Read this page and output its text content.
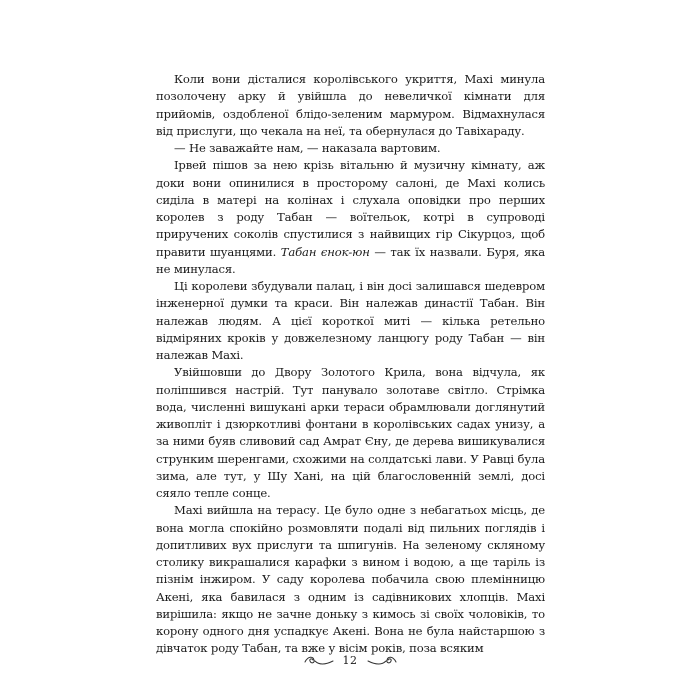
Коли вони дісталися королівського укриття, Махі минула позолочену арку й увійшла до невеличкої кімнати для прийомів, оздобленої блідо-зеленим мармуром. Відмахнулася від прислуги, що чекала на неї, та обернулася до Тавіхараду.

— Не заважайте нам, — наказала вартовим.

Ірвей пішов за нею крізь вітальню й музичну кімнату, аж доки вони опинилися в просторому салоні, де Махі колись сиділа в матері на колінах і слухала оповідки про перших королев з роду Табан — воїтельок, котрі в супроводі приручених соколів спустилися з найвищих гір Сікурцоз, щоб правити шуанцями. Табан єнок-юн — так їх назвали. Буря, яка не минулася.

Ці королеви збудували палац, і він досі залишався шедевром інженерної думки та краси. Він належав династії Табан. Він належав людям. А цієї короткої миті — кілька ретельно відміряних кроків у довжелезному ланцюгу роду Табан — він належав Махі.

Увійшовши до Двору Золотого Крила, вона відчула, як поліпшився настрій. Тут панувало золотаве світло. Стрімка вода, численні вишукані арки тераси обрамлювали доглянутий живопліт і дзюркотливі фонтани в королівських садах унизу, а за ними буяв сливовий сад Амрат Єну, де дерева вишикувалися струнким шеренгами, схожими на солдатські лави. У Равці була зима, але тут, у Шу Хані, на цій благословенній землі, досі сяяло тепле сонце.

Махі вийшла на терасу. Це було одне з небагатьох місць, де вона могла спокійно розмовляти подалі від пильних поглядів і допитливих вух прислуги та шпигунів. На зеленому скляному столику викрашалися карафки з вином і водою, а ще таріль із пізнім інжиром. У саду королева побачила свою племінницю Акені, яка бавилася з одним із садівникових хлопців. Махі вирішила: якщо не зачне доньку з кимось зі своїх чоловіків, то корону одного дня успадкує Акені. Вона не була найстаршою з дівчаток роду Табан, та вже у вісім років, поза всяким

12
